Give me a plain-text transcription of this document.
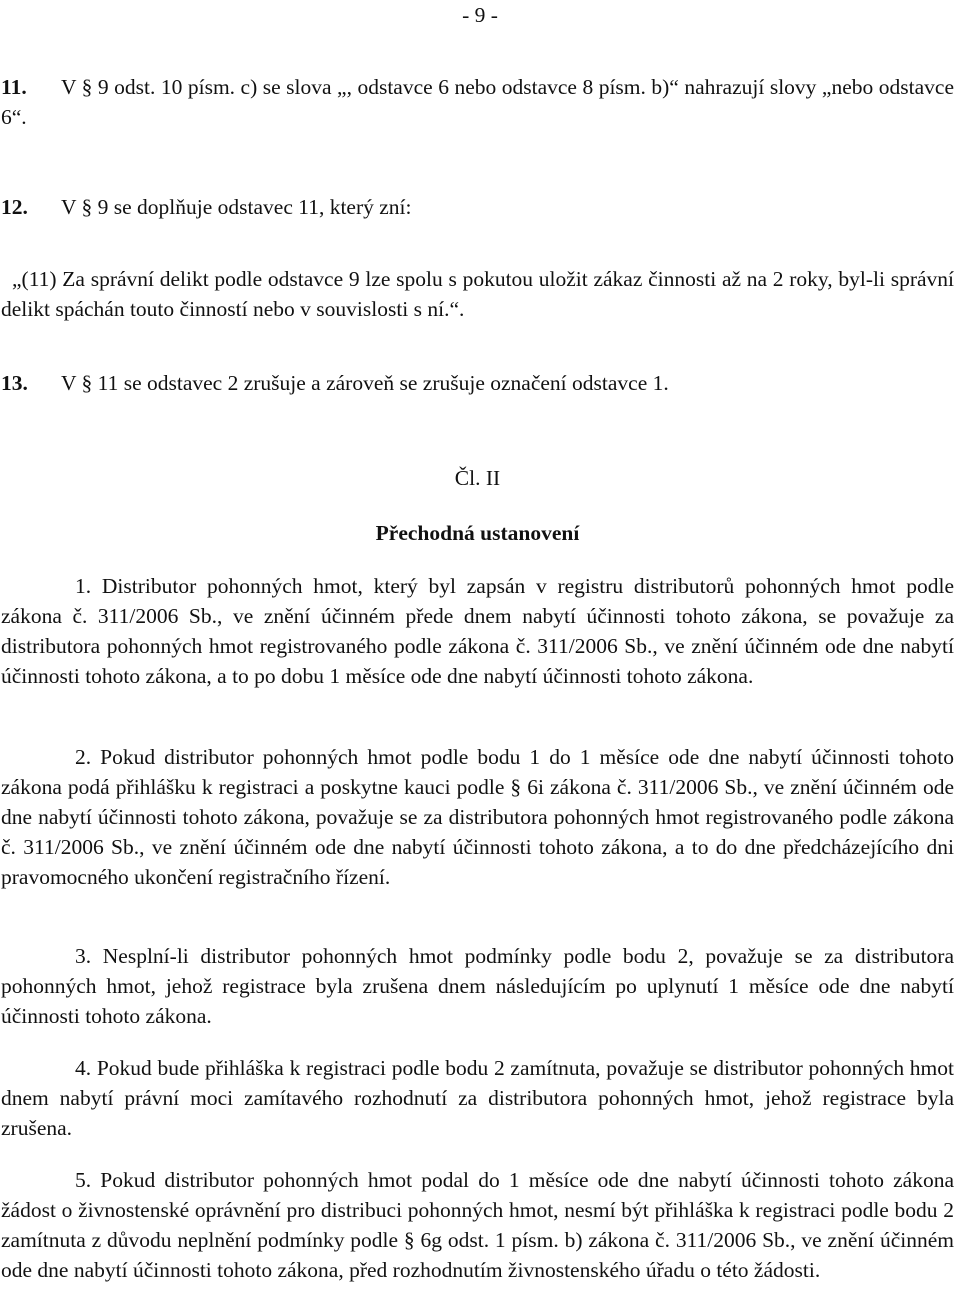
- 9 -
11. V § 9 odst. 10 písm. c) se slova „, odstavce 6 nebo odstavce 8 písm. b)“ nahrazují slovy „nebo odstavce 6“.
12. V § 9 se doplňuje odstavec 11, který zní:
„(11) Za správní delikt podle odstavce 9 lze spolu s pokutou uložit zákaz činnosti až na 2 roky, byl-li správní delikt spáchán touto činností nebo v souvislosti s ní.“.
13. V § 11 se odstavec 2 zrušuje a zároveň se zrušuje označení odstavce 1.
Čl. II
Přechodná ustanovení
1. Distributor pohonných hmot, který byl zapsán v registru distributorů pohonných hmot podle zákona č. 311/2006 Sb., ve znění účinném přede dnem nabytí účinnosti tohoto zákona, se považuje za distributora pohonných hmot registrovaného podle zákona č. 311/2006 Sb., ve znění účinném ode dne nabytí účinnosti tohoto zákona, a to po dobu 1 měsíce ode dne nabytí účinnosti tohoto zákona.
2. Pokud distributor pohonných hmot podle bodu 1 do 1 měsíce ode dne nabytí účinnosti tohoto zákona podá přihlášku k registraci a poskytne kauci podle § 6i zákona č. 311/2006 Sb., ve znění účinném ode dne nabytí účinnosti tohoto zákona, považuje se za distributora pohonných hmot registrovaného podle zákona č. 311/2006 Sb., ve znění účinném ode dne nabytí účinnosti tohoto zákona, a to do dne předcházejícího dni pravomocného ukončení registračního řízení.
3. Nesplní-li distributor pohonných hmot podmínky podle bodu 2, považuje se za distributora pohonných hmot, jehož registrace byla zrušena dnem následujícím po uplynutí 1 měsíce ode dne nabytí účinnosti tohoto zákona.
4. Pokud bude přihláška k registraci podle bodu 2 zamítnuta, považuje se distributor pohonných hmot dnem nabytí právní moci zamítavého rozhodnutí za distributora pohonných hmot, jehož registrace byla zrušena.
5. Pokud distributor pohonných hmot podal do 1 měsíce ode dne nabytí účinnosti tohoto zákona žádost o živnostenské oprávnění pro distribuci pohonných hmot, nesmí být přihláška k registraci podle bodu 2 zamítnuta z důvodu neplnění podmínky podle § 6g odst. 1 písm. b) zákona č. 311/2006 Sb., ve znění účinném ode dne nabytí účinnosti tohoto zákona, před rozhodnutím živnostenského úřadu o této žádosti.
